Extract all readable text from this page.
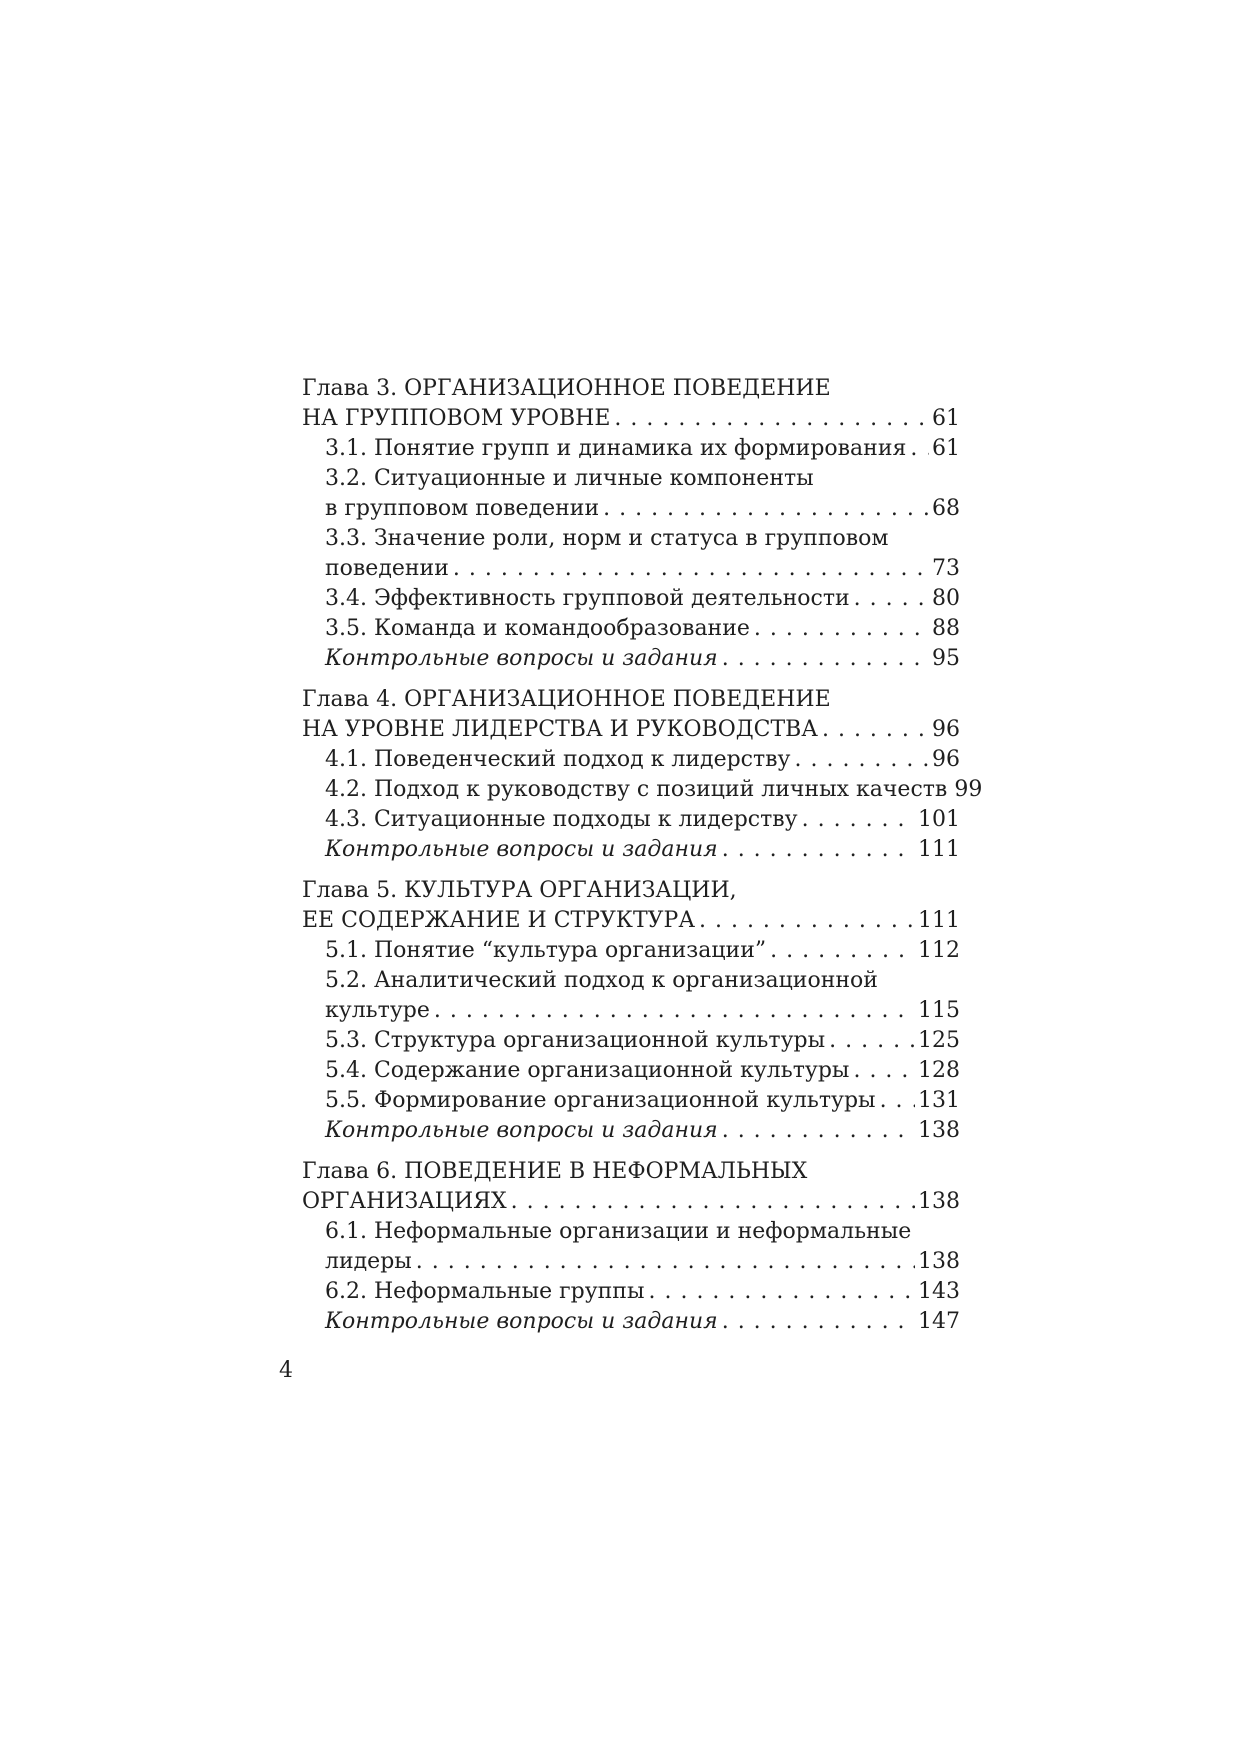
Глава 3. ОРГАНИЗАЦИОННОЕ ПОВЕДЕНИЕ
НА ГРУППОВОМ УРОВНЕ . . .	61
3.1. Понятие групп и динамика их формирования . . . 61
3.2. Ситуационные и личные компоненты
в групповом поведении . . .	68
3.3. Значение роли, норм и статуса в групповом
поведении . . .	73
3.4. Эффективность групповой деятельности . . .	80
3.5. Команда и командообразование . . .	88
Контрольные вопросы и задания . . .	95
Глава 4. ОРГАНИЗАЦИОННОЕ ПОВЕДЕНИЕ
НА УРОВНЕ ЛИДЕРСТВА И РУКОВОДСТВА . . .	96
4.1. Поведенческий подход к лидерству . . .	96
4.2. Подход к руководству с позиций личных качеств 99
4.3. Ситуационные подходы к лидерству . . .	101
Контрольные вопросы и задания . . .	111
Глава 5. КУЛЬТУРА ОРГАНИЗАЦИИ,
ЕЕ СОДЕРЖАНИЕ И СТРУКТУРА . . .	111
5.1. Понятие “культура организации” . . .	112
5.2. Аналитический подход к организационной
культуре . . .	115
5.3. Структура организационной культуры . . .	125
5.4. Содержание организационной культуры . . .	128
5.5. Формирование организационной культуры . . . 131
Контрольные вопросы и задания . . .	138
Глава 6. ПОВЕДЕНИЕ В НЕФОРМАЛЬНЫХ
ОРГАНИЗАЦИЯХ . . .	138
6.1. Неформальные организации и неформальные
лидеры . . .	138
6.2. Неформальные группы . . .	143
Контрольные вопросы и задания . . .	147
4
